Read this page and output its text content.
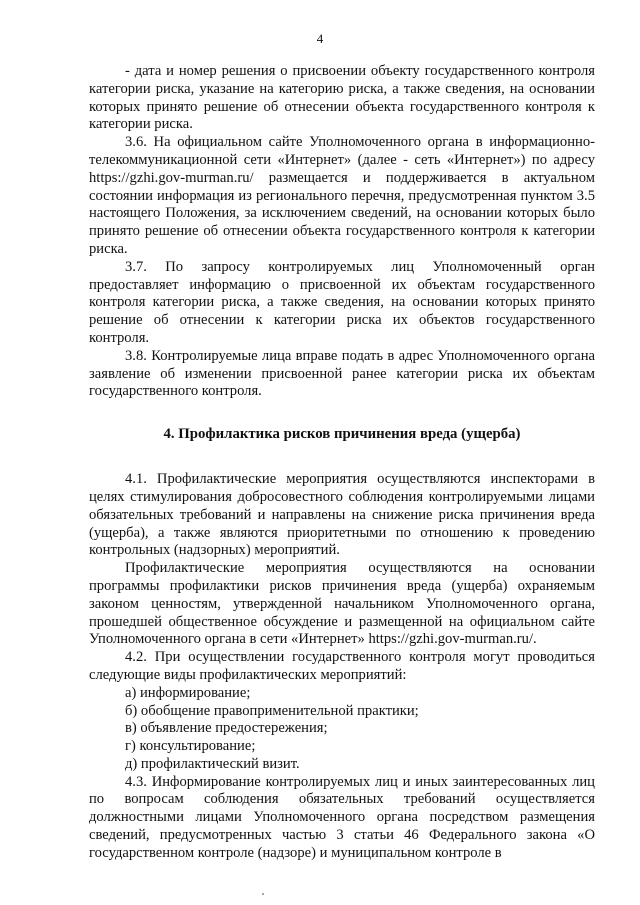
4

- дата и номер решения о присвоении объекту государственного контроля категории риска, указание на категорию риска, а также сведения, на основании которых принято решение об отнесении объекта государственного контроля к категории риска.

3.6. На официальном сайте Уполномоченного органа в информационно-телекоммуникационной сети «Интернет» (далее - сеть «Интернет») по адресу https://gzhi.gov-murman.ru/ размещается и поддерживается в актуальном состоянии информация из регионального перечня, предусмотренная пунктом 3.5 настоящего Положения, за исключением сведений, на основании которых было принято решение об отнесении объекта государственного контроля к категории риска.

3.7. По запросу контролируемых лиц Уполномоченный орган предоставляет информацию о присвоенной их объектам государственного контроля категории риска, а также сведения, на основании которых принято решение об отнесении к категории риска их объектов государственного контроля.

3.8. Контролируемые лица вправе подать в адрес Уполномоченного органа заявление об изменении присвоенной ранее категории риска их объектам государственного контроля.

4. Профилактика рисков причинения вреда (ущерба)

4.1. Профилактические мероприятия осуществляются инспекторами в целях стимулирования добросовестного соблюдения контролируемыми лицами обязательных требований и направлены на снижение риска причинения вреда (ущерба), а также являются приоритетными по отношению к проведению контрольных (надзорных) мероприятий.

Профилактические мероприятия осуществляются на основании программы профилактики рисков причинения вреда (ущерба) охраняемым законом ценностям, утвержденной начальником Уполномоченного органа, прошедшей общественное обсуждение и размещенной на официальном сайте Уполномоченного органа в сети «Интернет» https://gzhi.gov-murman.ru/.

4.2. При осуществлении государственного контроля могут проводиться следующие виды профилактических мероприятий:

а) информирование;

б) обобщение правоприменительной практики;

в) объявление предостережения;

г) консультирование;

д) профилактический визит.

4.3. Информирование контролируемых лиц и иных заинтересованных лиц по вопросам соблюдения обязательных требований осуществляется должностными лицами Уполномоченного органа посредством размещения сведений, предусмотренных частью 3 статьи 46 Федерального закона «О государственном контроле (надзоре) и муниципальном контроле в
